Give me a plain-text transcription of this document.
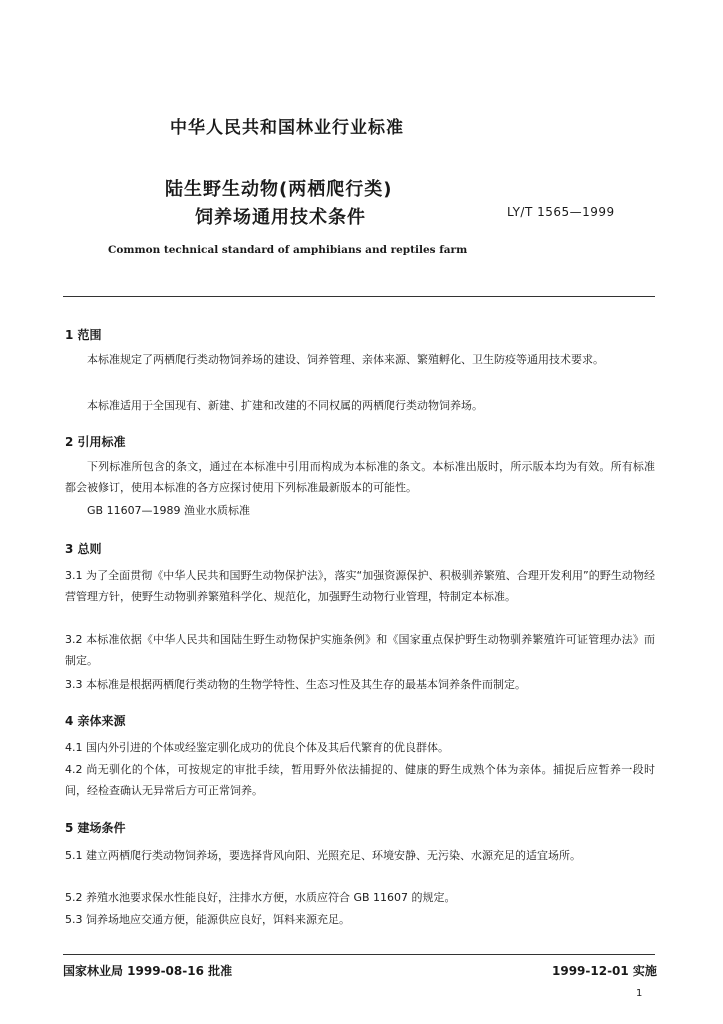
中华人民共和国林业行业标准
陆生野生动物(两栖爬行类)
饲养场通用技术条件	LY/T 1565—1999
Common technical standard of amphibians and reptiles farm
1 范围
本标准规定了两栖爬行类动物饲养场的建设、饲养管理、亲体来源、繁殖孵化、卫生防疫等通用技术要求。
本标准适用于全国现有、新建、扩建和改建的不同权属的两栖爬行类动物饲养场。
2 引用标准
下列标准所包含的条文，通过在本标准中引用而构成为本标准的条文。本标准出版时，所示版本均为有效。所有标准都会被修订，使用本标准的各方应探讨使用下列标准最新版本的可能性。
GB 11607—1989 渔业水质标准
3 总则
3.1 为了全面贯彻《中华人民共和国野生动物保护法》，落实“加强资源保护、积极驯养繁殖、合理开发利用”的野生动物经营管理方针，使野生动物驯养繁殖科学化、规范化，加强野生动物行业管理，特制定本标准。
3.2 本标准依据《中华人民共和国陆生野生动物保护实施条例》和《国家重点保护野生动物驯养繁殖许可证管理办法》而制定。
3.3 本标准是根据两栖爬行类动物的生物学特性、生态习性及其生存的最基本饲养条件而制定。
4 亲体来源
4.1 国内外引进的个体或经鉴定驯化成功的优良个体及其后代繁育的优良群体。
4.2 尚无驯化的个体，可按规定的审批手续，暂用野外依法捕捉的、健康的野生成熟个体为亲体。捕捉后应暂养一段时间，经检查确认无异常后方可正常饲养。
5 建场条件
5.1 建立两栖爬行类动物饲养场，要选择背风向阳、光照充足、环境安静、无污染、水源充足的适宜场所。
5.2 养殖水池要求保水性能良好，注排水方便，水质应符合 GB 11607 的规定。
5.3 饲养场地应交通方便，能源供应良好，饵料来源充足。
国家林业局 1999-08-16 批准	1999-12-01 实施
1
